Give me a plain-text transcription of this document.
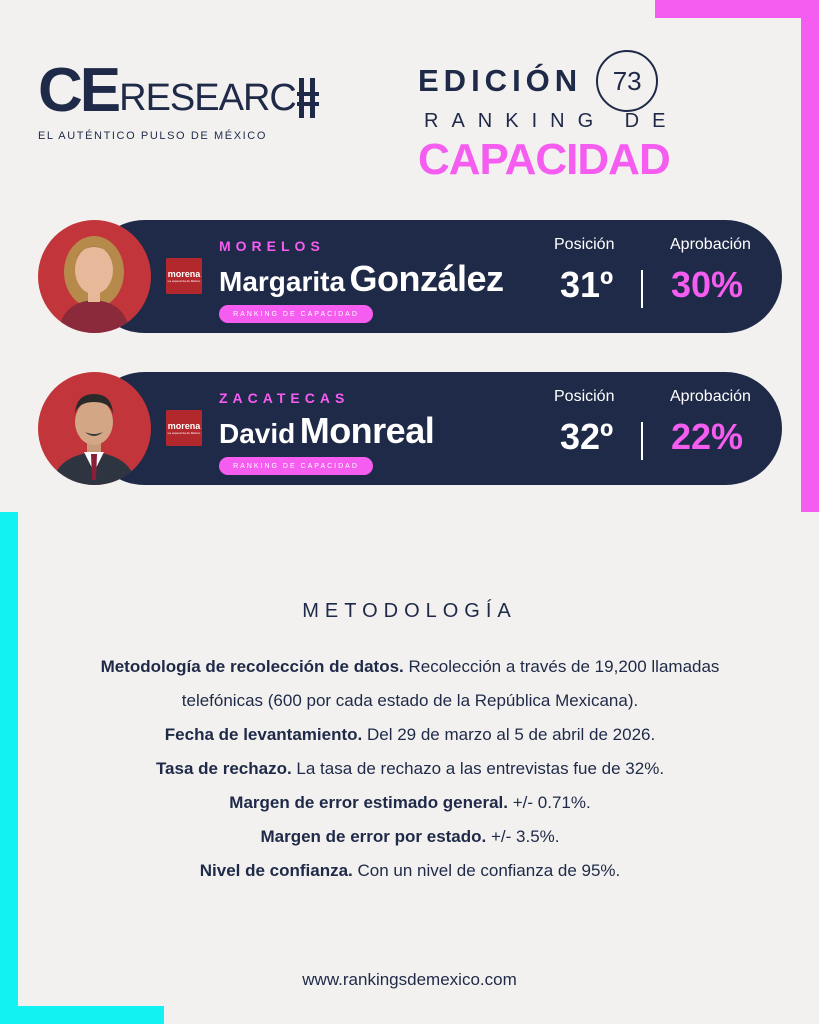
CE RESEARC
EL AUTÉNTICO PULSO DE MÉXICO
EDICIÓN	73
RANKING DE
CAPACIDAD
morena
La esperanza de México
MORELOS
Margarita González
RANKING DE CAPACIDAD
Posición
31º
Aprobación
30%
morena
La esperanza de México
ZACATECAS
David Monreal
RANKING DE CAPACIDAD
Posición
32º
Aprobación
22%
METODOLOGÍA
Metodología de recolección de datos. Recolección a través de 19,200 llamadas telefónicas (600 por cada estado de la República Mexicana).
Fecha de levantamiento. Del 29 de marzo al 5 de abril de 2026.
Tasa de rechazo. La tasa de rechazo a las entrevistas fue de 32%.
Margen de error estimado general. +/- 0.71%.
Margen de error por estado. +/- 3.5%.
Nivel de confianza. Con un nivel de confianza de 95%.
www.rankingsdemexico.com
